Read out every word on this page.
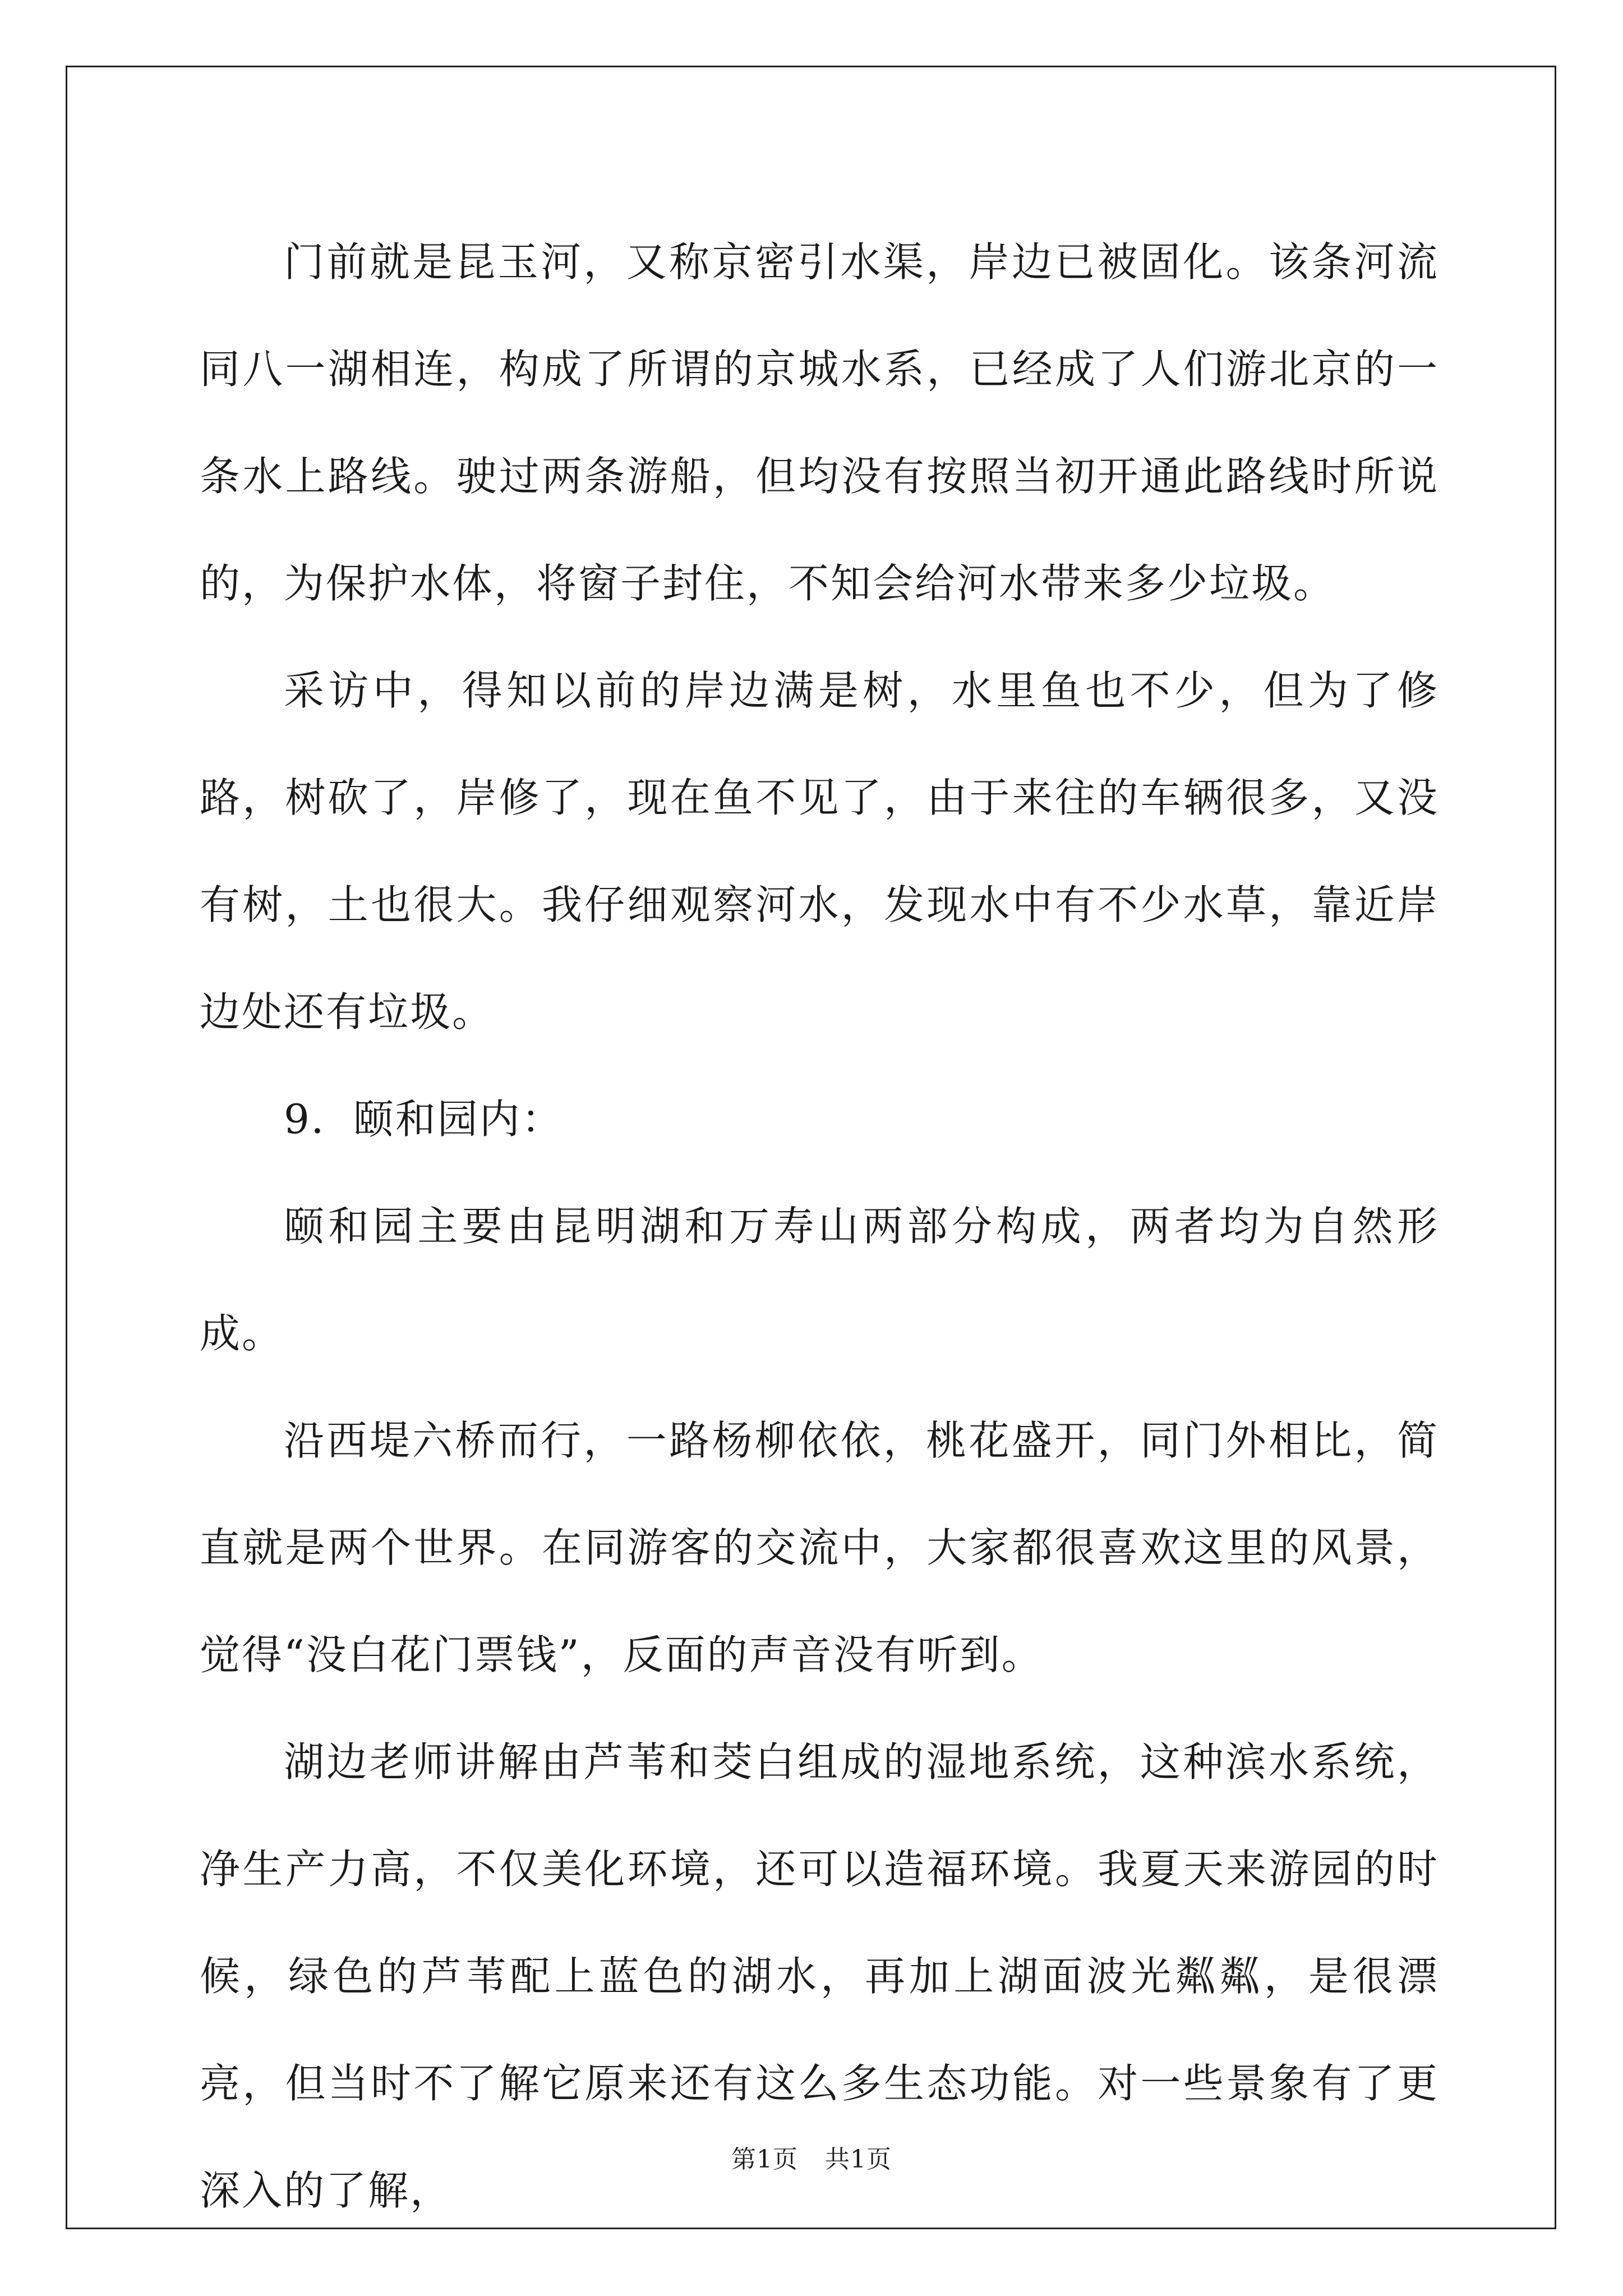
门前就是昆玉河，又称京密引水渠，岸边已被固化。该条河流同八一湖相连，构成了所谓的京城水系，已经成了人们游北京的一条水上路线。驶过两条游船，但均没有按照当初开通此路线时所说的，为保护水体，将窗子封住，不知会给河水带来多少垃圾。

采访中，得知以前的岸边满是树，水里鱼也不少，但为了修路，树砍了，岸修了，现在鱼不见了，由于来往的车辆很多，又没有树，土也很大。我仔细观察河水，发现水中有不少水草，靠近岸边处还有垃圾。

9．颐和园内：

颐和园主要由昆明湖和万寿山两部分构成，两者均为自然形成。

沿西堤六桥而行，一路杨柳依依，桃花盛开，同门外相比，简直就是两个世界。在同游客的交流中，大家都很喜欢这里的风景，觉得“没白花门票钱”，反面的声音没有听到。

湖边老师讲解由芦苇和茭白组成的湿地系统，这种滨水系统，净生产力高，不仅美化环境，还可以造福环境。我夏天来游园的时候，绿色的芦苇配上蓝色的湖水，再加上湖面波光粼粼，是很漂亮，但当时不了解它原来还有这么多生态功能。对一些景象有了更深入的了解，

第1页 共1页
